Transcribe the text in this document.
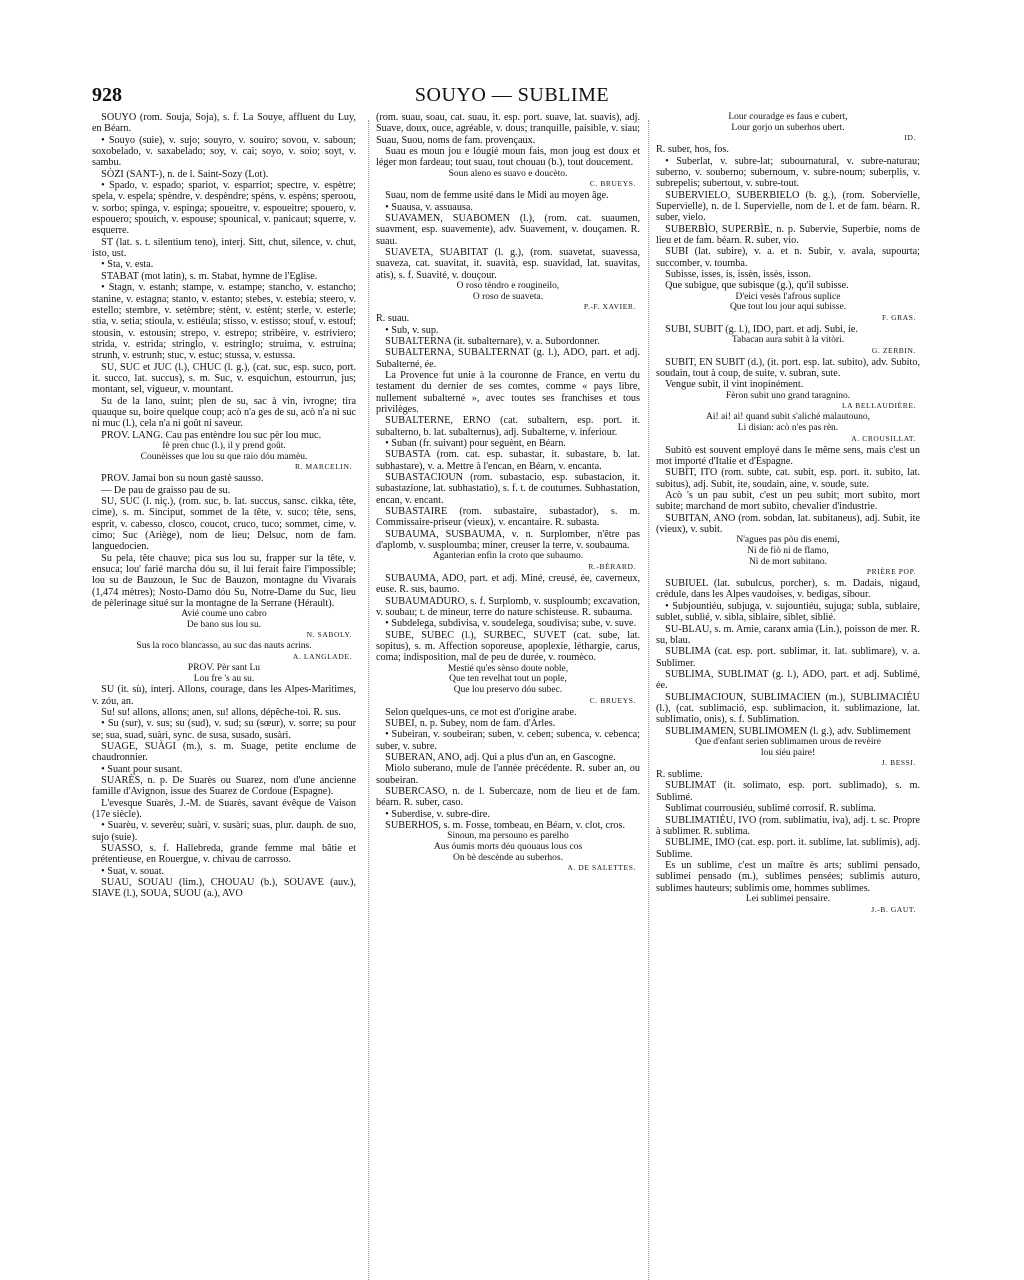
928	SOUYO — SUBLIME

SOUYO (rom. Souja, Soja), s. f. La Souye, affluent du Luy, en Béarn.

• Souyo (suie), v. sujo; souyro, v. souiro; sovou, v. saboun; soxobelado, v. saxabelado; soy, v. cai; soyo, v. soio; soyt, v. sambu.

SÒZI (SANT-), n. de l. Saint-Sozy (Lot).

• Spado, v. espado; spariot, v. esparriot; spectre, v. espètre; spela, v. espela; spèndre, v. despèndre; spèns, v. espèns; speroou, v. sorbo; spinga, v. espinga; spoueitre, v. espoueitre; spouero, v. espouero; spouich, v. espouse; spounical, v. panicaut; squerre, v. esquerre.

ST (lat. s. t. silentium teno), interj. Sitt, chut, silence, v. chut, isto, ust.

• Sta, v. esta.

STABAT (mot latin), s. m. Stabat, hymne de l'Eglise.

• Stagn, v. estanh; stampe, v. estampe; stancho, v. estancho; stanine, v. estagna; stanto, v. estanto; stebes, v. estebia; steero, v. estello; stembre, v. setèmbre; stènt, v. estènt; sterle, v. esterle; stia, v. setia; stioula, v. estiéula; stisso, v. estisso; stouf, v. estouf; stousin, v. estousin; strepo, v. estrepo; strìbèire, v. estriviero; strida, v. estrida; stringlo, v. estringlo; struima, v. estruina; strunh, v. estrunh; stuc, v. estuc; stussa, v. estussa.

SU, SUC et JUC (l.), CHUC (l. g.), (cat. suc, esp. suco, port. it. succo, lat. succus), s. m. Suc, v. esquichun, estourrun, jus; montant, sel, vigueur, v. mountant.

Su de la lano, suint; plen de su, sac à vin, ivrogne; tira quauque su, boire quelque coup; acò n'a ges de su, acò n'a ni suc ni muc (l.), cela n'a ni goût ni saveur.

PROV. LANG. Cau pas entèndre lou suc pèr lou muc.

Iè pren chuc (l.), il y prend goût.
Counèisses que lou su que raio dóu mamèu.
R. MARCELIN.

PROV. Jamai bon su noun gastè sausso.

— De pau de graisso pau de su.

SU, SUC (l. niç.), (rom. suc, b. lat. succus, sansc. cikka, tête, cime), s. m. Sinciput, sommet de la tête, v. suco; tête, sens, esprit, v. cabesso, closco, coucot, cruco, tuco; sommet, cime, v. cimo; Suc (Ariège), nom de lieu; Delsuc, nom de fam. languedocien.

Su pela, tête chauve; pica sus lou su, frapper sur la tête, v. ensuca; lou' farié marcha dóu su, il lui ferait faire l'impossible; lou su de Bauzoun, le Suc de Bauzon, montagne du Vivarais (1,474 mètres); Nosto-Damo dóu Su, Notre-Dame du Suc, lieu de pèlerinage situé sur la montagne de la Serrane (Hérault).

Avié coume uno cabro
De bano sus lou su.
N. SABOLY.
Sus la roco blancasso, au suc das nauts acrins.
A. LANGLADE.
PROV. Pèr sant Lu
Lou fre 's au su.

SU (it. sù), interj. Allons, courage, dans les Alpes-Maritimes, v. zóu, an.

Su! su! allons, allons; anen, su! allons, dépêche-toi. R. sus.

• Su (sur), v. sus; su (sud), v. sud; su (sœur), v. sorre; su pour se; sua, suad, suàri, sync. de susa, susado, susàri.

SUAGE, SUÀGI (m.), s. m. Suage, petite enclume de chaudronnier.

• Suant pour susant.

SUARÈS, n. p. De Suarès ou Suarez, nom d'une ancienne famille d'Avignon, issue des Suarez de Cordoue (Espagne).

L'evesque Suarès, J.-M. de Suarès, savant évêque de Vaison (17e siècle).

• Suarèu, v. severèu; suàri, v. susàri; suas, plur. dauph. de suo, sujo (suie).

SUASSO, s. f. Hallebreda, grande femme mal bâtie et prétentieuse, en Rouergue, v. chivau de carrosso.

• Suat, v. souat.

SUAU, SOUAU (lim.), CHOUAU (b.), SOUAVE (auv.), SIAVE (l.), SOUA, SUOU (a.), AVO

(rom. suau, soau, cat. suau, it. esp. port. suave, lat. suavis), adj. Suave, doux, ouce, agréable, v. dous; tranquille, paisible, v. siau; Suau, Suou, noms de fam. provençaux.

Suau es moun jou e lóugié moun fais, mon joug est doux et léger mon fardeau; tout suau, tout chouau (b.), tout doucement.

Soun aleno es suavo e doucèto.
C. BRUEYS.

Suau, nom de femme usité dans le Midi au moyen âge.

• Suausa, v. assuausa.

SUAVAMEN, SUABOMEN (l.), (rom. cat. suaumen, suavment, esp. suavemente), adv. Suavement, v. douçamen. R. suau.

SUAVETA, SUABITAT (l. g.), (rom. suavetat, suavessa, suaveza, cat. suavitat, it. suavità, esp. suavidad, lat. suavitas, atis), s. f. Suavité, v. douçour.

O roso tèndro e rougineilo,
O roso de suaveta.
P.-F. XAVIER.

R. suau.

• Sub, v. sup.

SUBALTERNA (it. subalternare), v. a. Subordonner.

SUBALTERNA, SUBALTERNAT (g. l.), ADO, part. et adj. Subalterné, ée.

La Provence fut unie à la couronne de France, en vertu du testament du dernier de ses comtes, comme « pays libre, nullement subalterné », avec toutes ses franchises et tous privilèges.

SUBALTERNE, ERNO (cat. subaltern, esp. port. it. subalterno, b. lat. subalternus), adj. Subalterne, v. inferiour.

• Suban (fr. suivant) pour seguènt, en Béarn.

SUBASTA (rom. cat. esp. subastar, it. subastare, b. lat. subhastare), v. a. Mettre à l'encan, en Béarn, v. encanta.

SUBASTACIOUN (rom. subastacio, esp. subastacion, it. subastazione, lat. subhastatio), s. f. t. de coutumes. Subhastation, encan, v. encant.

SUBASTAIRE (rom. subastaire, subastador), s. m. Commissaire-priseur (vieux), v. encantaire. R. subasta.

SUBAUMA, SUSBAUMA, v. n. Surplomber, n'être pas d'aplomb, v. susploumba; miner, creuser la terre, v. soubauma.

Aganterian enfin la croto que subaumo.
R.-BÉRARD.

SUBAUMA, ADO, part. et adj. Miné, creusé, ée, caverneux, euse. R. sus, baumo.

SUBAUMADURO, s. f. Surplomb, v. susploumb; excavation, v. soubau; t. de mineur, terre do nature schisteuse. R. subauma.

• Subdelega, subdivisa, v. soudelega, soudivisa; sube, v. suve.

SUBE, SUBEC (l.), SURBEC, SUVET (cat. sube, lat. sopitus), s. m. Affection soporeuse, apoplexie, léthargie, carus, coma; indisposition, mal de peu de durée, v. roumèco.

Mestié qu'es sènso doute noble,
Que ten revelhat tout un pople,
Que lou preservo dóu subec.
C. BRUEYS.

Selon quelques-uns, ce mot est d'origine arabe.

SUBEI, n. p. Subey, nom de fam. d'Arles.

• Subeiran, v. soubeiran; suben, v. ceben; subenca, v. cebenca; suber, v. subre.

SUBERAN, ANO, adj. Qui a plus d'un an, en Gascogne.

Miolo suberano, mule de l'année précédente. R. suber an, ou soubeiran.

SUBERCASO, n. de l. Subercaze, nom de lieu et de fam. béarn. R. suber, caso.

• Suberdise, v. subre-dire.

SUBERHOS, s. m. Fosse, tombeau, en Béarn, v. clot, cros.

Sinoun, ma persouno es parelho
Aus óumis morts déu quouaus lous cos
On bè descènde au suberhos.
A. DE SALETTES.
Lour couradge es faus e cubert,
Lour gorjo un suberhos ubert.
ID.

R. suber, hos, fos.

• Suberlat, v. subre-lat; subournatural, v. subre-naturau; suberno, v. souberno; subernoum, v. subre-noum; suberplis, v. subrepelis; subertout, v. subre-tout.

SUBERVIELO, SUBERBIELO (b. g.), (rom. Sobervielle, Supervielle), n. de l. Supervielle, nom de l. et de fam. béarn. R. suber, vielo.

SUBERBÌO, SUPERBÌE, n. p. Subervie, Superbie, noms de lieu et de fam. béarn. R. suber, vio.

SUBI (lat. subire), v. a. et n. Subir, v. avala, supourta; succomber, v. toumba.

Subisse, isses, is, issèn, issès, isson.

Que subigue, que subisque (g.), qu'il subisse.

D'eici vesès l'afrous suplice
Que tout lou jour aqui subisse.
F. GRAS.

SUBI, SUBIT (g. l.), IDO, part. et adj. Subi, ie.

Tabacan aura subit à la vitòri.
G. ZERBIN.

SUBIT, EN SUBIT (d.), (it. port. esp. lat. subito), adv. Subito, soudain, tout à coup, de suite, v. subran, sute.

Vengue subit, il vint inopinément.

Fèron subit uno grand taragnino.
LA BELLAUDIÈRE.
Ai! ai! ai! quand subit s'aliché malautouno,
Li disian: acò n'es pas rèn.
A. CROUSILLAT.

Subitò est souvent employé dans le même sens, mais c'est un mot importé d'Italie et d'Espagne.

SUBIT, ITO (rom. subte, cat. subit, esp. port. it. subito, lat. subitus), adj. Subit, ite, soudain, aine, v. soude, sute.

Acò 's un pau subit, c'est un peu subit; mort subito, mort subite; marchand de mort subito, chevalier d'industrie.

SUBITAN, ANO (rom. sobdan, lat. subitaneus), adj. Subit, ite (vieux), v. subit.

N'agues pas pòu dis enemi,
Ni de fiò ni de flamo,
Ni de mort subitano.
PRIÈRE POP.

SUBIUEL (lat. subulcus, porcher), s. m. Dadais, nigaud, crédule, dans les Alpes vaudoises, v. bedigas, sibour.

• Subjountiéu, subjuga, v. sujountiéu, sujuga; subla, sublaire, sublet, sublié, v. sibla, siblaire, siblet, siblié.

SU-BLAU, s. m. Amie, caranx amia (Lin.), poisson de mer. R. su, blau.

SUBLIMA (cat. esp. port. sublimar, it. lat. sublimare), v. a. Sublimer.

SUBLIMA, SUBLIMAT (g. l.), ADO, part. et adj. Sublimé, ée.

SUBLIMACIOUN, SUBLIMACIEN (m.), SUBLIMACIÉU (l.), (cat. sublimació, esp. sublimacion, it. sublimazione, lat. sublimatio, onis), s. f. Sublimation.

SUBLIMAMEN, SUBLIMOMEN (l. g.), adv. Sublimement

Que d'enfant serien sublimamen urous de revèire
lou siéu paire!
J. BESSI.

R. sublime.

SUBLIMAT (it. solimato, esp. port. sublimado), s. m. Sublimé.

Sublimat courrousiéu, sublimé corrosif. R. sublima.

SUBLIMATIÉU, IVO (rom. sublimatiu, iva), adj. t. sc. Propre à sublimer. R. sublima.

SUBLIME, IMO (cat. esp. port. it. sublime, lat. sublimis), adj. Sublime.

Es un sublime, c'est un maître ès arts; sublimi pensado, sublimei pensado (m.), sublimes pensées; sublimis auturo, sublimes hauteurs; sublimis ome, hommes sublimes.

Lei sublimei pensaire.
J.-B. GAUT.
